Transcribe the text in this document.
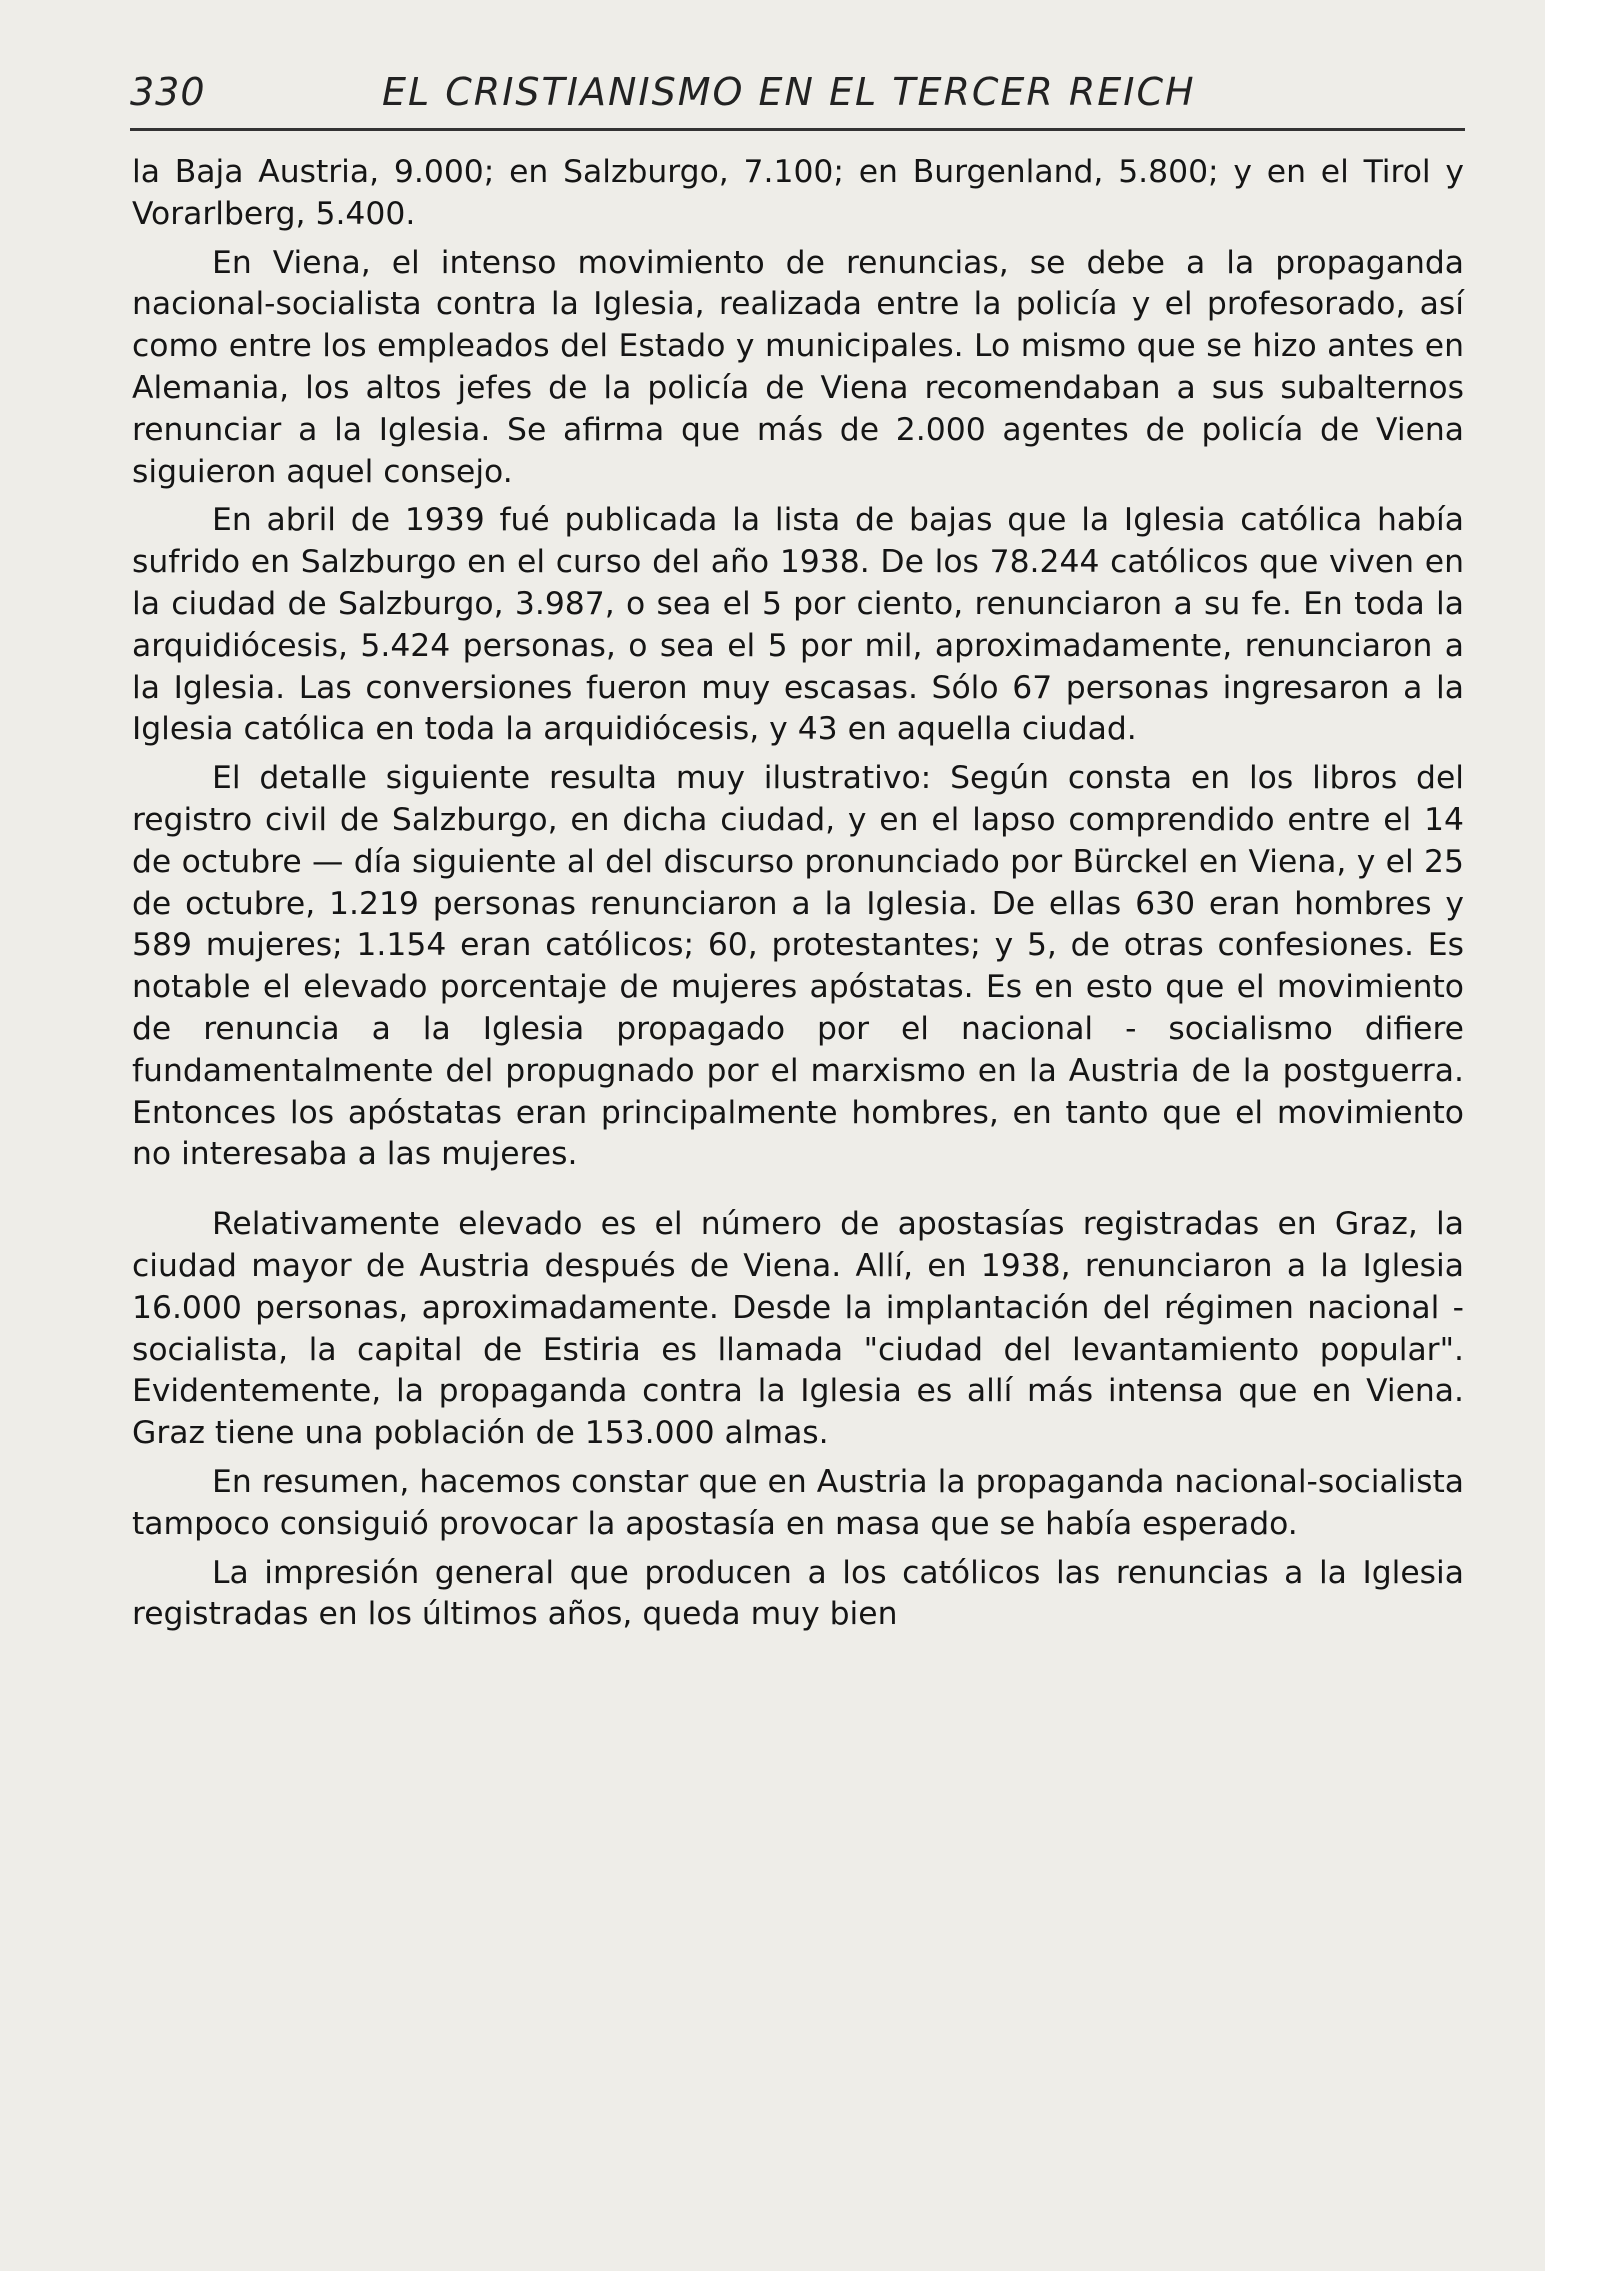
330	EL CRISTIANISMO EN EL TERCER REICH

la Baja Austria, 9.000; en Salzburgo, 7.100; en Burgenland, 5.800; y en el Tirol y Vorarlberg, 5.400.

En Viena, el intenso movimiento de renuncias, se debe a la propaganda nacional-socialista contra la Iglesia, realizada entre la policía y el profesorado, así como entre los empleados del Estado y municipales. Lo mismo que se hizo antes en Alemania, los altos jefes de la policía de Viena recomendaban a sus subalternos renunciar a la Iglesia. Se afirma que más de 2.000 agentes de policía de Viena siguieron aquel consejo.

En abril de 1939 fué publicada la lista de bajas que la Iglesia católica había sufrido en Salzburgo en el curso del año 1938. De los 78.244 católicos que viven en la ciudad de Salzburgo, 3.987, o sea el 5 por ciento, renunciaron a su fe. En toda la arquidiócesis, 5.424 personas, o sea el 5 por mil, aproximadamente, renunciaron a la Iglesia. Las conversiones fueron muy escasas. Sólo 67 personas ingresaron a la Iglesia católica en toda la arquidiócesis, y 43 en aquella ciudad.

El detalle siguiente resulta muy ilustrativo: Según consta en los libros del registro civil de Salzburgo, en dicha ciudad, y en el lapso comprendido entre el 14 de octubre — día siguiente al del discurso pronunciado por Bürckel en Viena, y el 25 de octubre, 1.219 personas renunciaron a la Iglesia. De ellas 630 eran hombres y 589 mujeres; 1.154 eran católicos; 60, protestantes; y 5, de otras confesiones. Es notable el elevado porcentaje de mujeres apóstatas. Es en esto que el movimiento de renuncia a la Iglesia propagado por el nacional - socialismo difiere fundamentalmente del propugnado por el marxismo en la Austria de la postguerra. Entonces los apóstatas eran principalmente hombres, en tanto que el movimiento no interesaba a las mujeres.

Relativamente elevado es el número de apostasías registradas en Graz, la ciudad mayor de Austria después de Viena. Allí, en 1938, renunciaron a la Iglesia 16.000 personas, aproximadamente. Desde la implantación del régimen nacional - socialista, la capital de Estiria es llamada "ciudad del levantamiento popular". Evidentemente, la propaganda contra la Iglesia es allí más intensa que en Viena. Graz tiene una población de 153.000 almas.

En resumen, hacemos constar que en Austria la propaganda nacional-socialista tampoco consiguió provocar la apostasía en masa que se había esperado.

La impresión general que producen a los católicos las renuncias a la Iglesia registradas en los últimos años, queda muy bien
